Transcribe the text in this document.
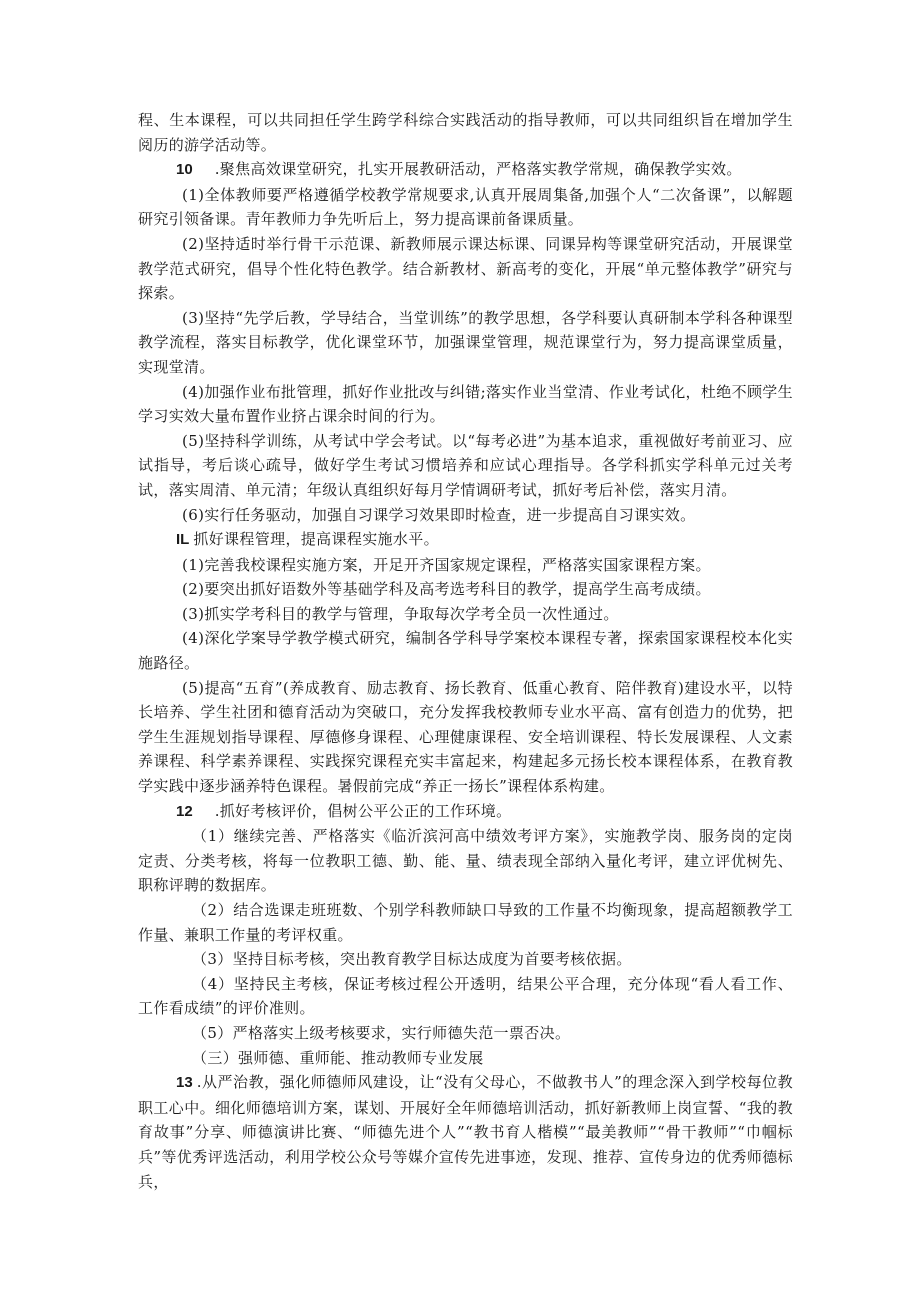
程、生本课程，可以共同担任学生跨学科综合实践活动的指导教师，可以共同组织旨在增加学生阅历的游学活动等。

10 .聚焦高效课堂研究，扎实开展教研活动，严格落实教学常规，确保教学实效。

(1)全体教师要严格遵循学校教学常规要求,认真开展周集备,加强个人“二次备课”，以解题研究引领备课。青年教师力争先听后上，努力提高课前备课质量。

(2)坚持适时举行骨干示范课、新教师展示课达标课、同课异构等课堂研究活动，开展课堂教学范式研究，倡导个性化特色教学。结合新教材、新高考的变化，开展“单元整体教学”研究与探索。

(3)坚持“先学后教，学导结合，当堂训练”的教学思想，各学科要认真研制本学科各种课型教学流程，落实目标教学，优化课堂环节，加强课堂管理，规范课堂行为，努力提高课堂质量，实现堂清。

(4)加强作业布批管理，抓好作业批改与纠错;落实作业当堂清、作业考试化，杜绝不顾学生学习实效大量布置作业挤占课余时间的行为。

(5)坚持科学训练，从考试中学会考试。以“每考必进”为基本追求，重视做好考前亚习、应试指导，考后谈心疏导，做好学生考试习惯培养和应试心理指导。各学科抓实学科单元过关考试，落实周清、单元清；年级认真组织好每月学情调研考试，抓好考后补偿，落实月清。

(6)实行任务驱动，加强自习课学习效果即时检查，进一步提高自习课实效。

IL 抓好课程管理，提高课程实施水平。

(1)完善我校课程实施方案，开足开齐国家规定课程，严格落实国家课程方案。

(2)要突出抓好语数外等基础学科及高考选考科目的教学，提高学生高考成绩。

(3)抓实学考科目的教学与管理，争取每次学考全员一次性通过。

(4)深化学案导学教学模式研究，编制各学科导学案校本课程专著，探索国家课程校本化实施路径。

(5)提高“五育”(养成教育、励志教育、扬长教育、低重心教育、陪伴教育)建设水平，以特长培养、学生社团和德育活动为突破口，充分发挥我校教师专业水平高、富有创造力的优势，把学生生涯规划指导课程、厚德修身课程、心理健康课程、安全培训课程、特长发展课程、人文素养课程、科学素养课程、实践探究课程充实丰富起来，构建起多元扬长校本课程体系，在教育教学实践中逐步涵养特色课程。暑假前完成“养正一扬长”课程体系构建。

12 .抓好考核评价，倡树公平公正的工作环境。

（1）继续完善、严格落实《临沂滨河高中绩效考评方案》，实施教学岗、服务岗的定岗定责、分类考核，将每一位教职工德、勤、能、量、绩表现全部纳入量化考评，建立评优树先、职称评聘的数据库。

（2）结合选课走班班数、个别学科教师缺口导致的工作量不均衡现象，提高超额教学工作量、兼职工作量的考评权重。

（3）坚持目标考核，突出教育教学目标达成度为首要考核依据。

（4）坚持民主考核，保证考核过程公开透明，结果公平合理，充分体现“看人看工作、工作看成绩”的评价准则。

（5）严格落实上级考核要求，实行师德失范一票否决。

（三）强师德、重师能、推动教师专业发展

13 .从严治教，强化师德师风建设，让“没有父母心，不做教书人”的理念深入到学校每位教职工心中。细化师德培训方案，谋划、开展好全年师德培训活动，抓好新教师上岗宣誓、“我的教育故事”分享、师德演讲比赛、“师德先进个人”“教书育人楷模”“最美教师”“骨干教师”“巾帼标兵”等优秀评选活动，利用学校公众号等媒介宣传先进事迹，发现、推荐、宣传身边的优秀师德标兵，
